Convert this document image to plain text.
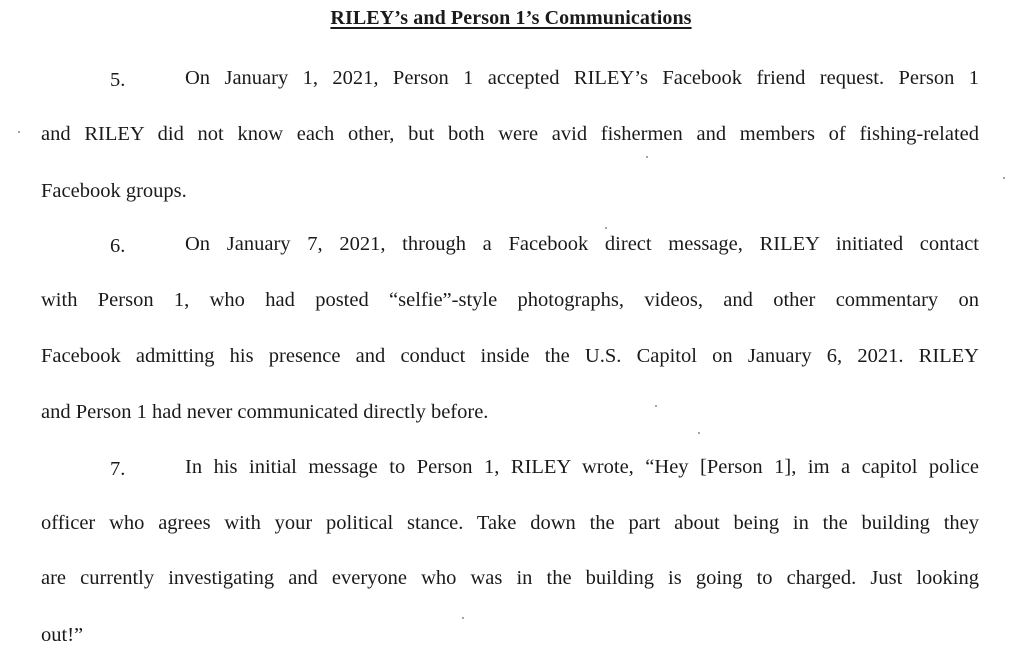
RILEY’s and Person 1’s Communications
5.	On January 1, 2021, Person 1 accepted RILEY’s Facebook friend request. Person 1
and RILEY did not know each other, but both were avid fishermen and members of fishing-related
Facebook groups.
6.	On January 7, 2021, through a Facebook direct message, RILEY initiated contact
with Person 1, who had posted “selfie”-style photographs, videos, and other commentary on
Facebook admitting his presence and conduct inside the U.S. Capitol on January 6, 2021. RILEY
and Person 1 had never communicated directly before.
7.	In his initial message to Person 1, RILEY wrote, “Hey [Person 1], im a capitol police
officer who agrees with your political stance. Take down the part about being in the building they
are currently investigating and everyone who was in the building is going to charged. Just looking
out!”
